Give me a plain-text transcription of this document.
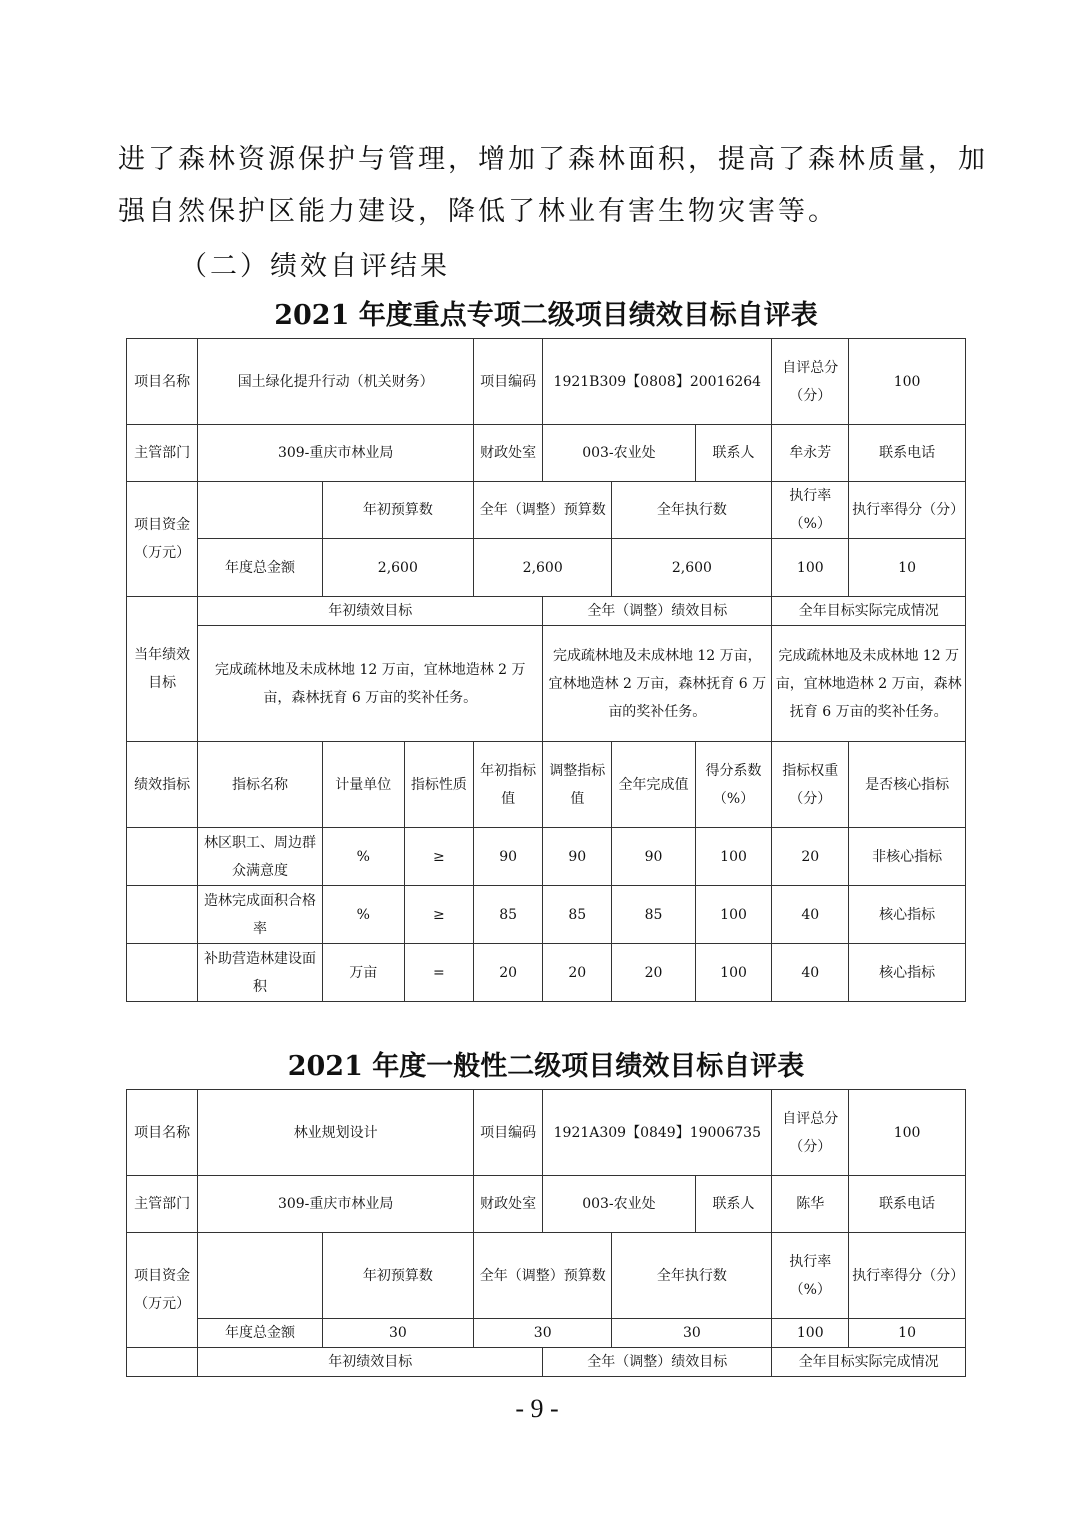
进了森林资源保护与管理，增加了森林面积，提高了森林质量，加
强自然保护区能力建设，降低了林业有害生物灾害等。
（二）绩效自评结果
2021 年度重点专项二级项目绩效目标自评表
项目名称	国土绿化提升行动（机关财务）			项目编码	1921B309【0808】20016264			自评总分（分）	100
主管部门	309-重庆市林业局			财政处室	003-农业处		联系人	牟永芳	联系电话
项目资金（万元）		年初预算数		全年（调整）预算数		全年执行数		执行率（%）	执行率得分（分）
	年度总金额	2,600		2,600		2,600		100	10
当年绩效目标	年初绩效目标				全年（调整）绩效目标			全年目标实际完成情况	
	完成疏林地及未成林地 12 万亩，宜林地造林 2 万亩，森林抚育 6 万亩的奖补任务。				完成疏林地及未成林地 12 万亩，宜林地造林 2 万亩，森林抚育 6 万亩的奖补任务。			完成疏林地及未成林地 12 万亩，宜林地造林 2 万亩，森林抚育 6 万亩的奖补任务。	
绩效指标	指标名称	计量单位	指标性质	年初指标值	调整指标值	全年完成值	得分系数（%）	指标权重（分）	是否核心指标
	林区职工、周边群众满意度	%	≥	90	90	90	100	20	非核心指标
	造林完成面积合格率	%	≥	85	85	85	100	40	核心指标
	补助营造林建设面积	万亩	=	20	20	20	100	40	核心指标
2021 年度一般性二级项目绩效目标自评表
项目名称	林业规划设计		项目编码	1921A309【0849】19006735			自评总分（分）	100
主管部门	309-重庆市林业局		财政处室	003-农业处		联系人	陈华	联系电话
项目资金（万元）		年初预算数	全年（调整）预算数		全年执行数		执行率（%）	执行率得分（分）
	年度总金额	30	30		30		100	10
	年初绩效目标			全年（调整）绩效目标			全年目标实际完成情况	
- 9 -
